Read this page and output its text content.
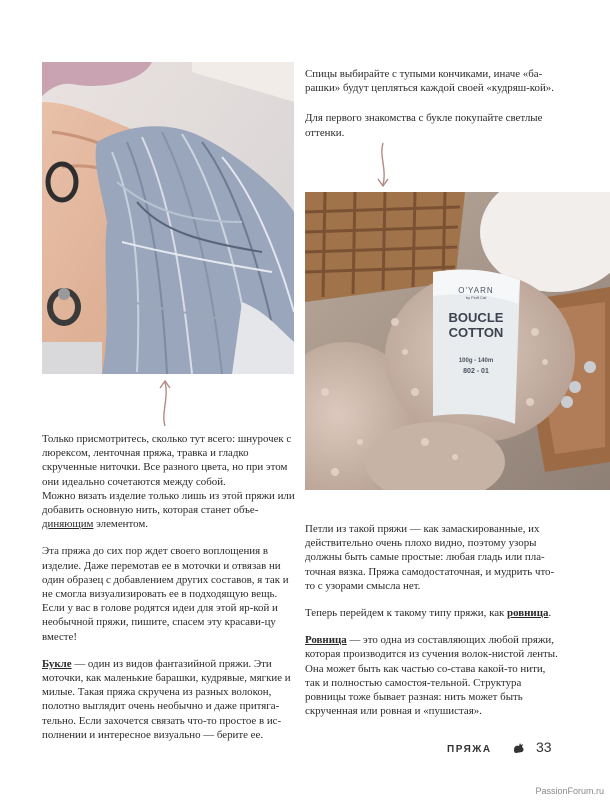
O'YARN
by Fluff Cat
BOUCLE
COTTON
100g - 140m
802 - 01

Спицы выбирайте с тупыми кончиками, иначе «ба-рашки» будут цепляться каждой своей «кудряш-кой».

Для первого знакомства с букле покупайте светлые оттенки.

Только присмотритесь, сколько тут всего: шнурочек с люрексом, ленточная пряжа, травка и гладко скрученные ниточки. Все разного цвета, но при этом они идеально сочетаются между собой.

Можно вязать изделие только лишь из этой пряжи или добавить основную нить, которая станет объе-диняющим элементом.

Эта пряжа до сих пор ждет своего воплощения в изделие. Даже перемотав ее в моточки и отвязав ни один образец с добавлением других составов, я так и не смогла визуализировать ее в подходящую вещь. Если у вас в голове родятся идеи для этой яр-кой и необычной пряжи, пишите, спасем эту красави-цу вместе!

Букле — один из видов фантазийной пряжи. Эти моточки, как маленькие барашки, кудрявые, мягкие и милые. Такая пряжа скручена из разных волокон, полотно выглядит очень необычно и даже притяга-тельно. Если захочется связать что-то простое в ис-полнении и интересное визуально — берите ее.

Петли из такой пряжи — как замаскированные, их действительно очень плохо видно, поэтому узоры должны быть самые простые: любая гладь или пла-точная вязка. Пряжа самодостаточная, и мудрить что-то с узорами смысла нет.

Теперь перейдем к такому типу пряжи, как ровница.

Ровница — это одна из составляющих любой пряжи, которая производится из сучения волок-нистой ленты. Она может быть как частью со-става какой-то нити, так и полностью самостоя-тельной. Структура ровницы тоже бывает разная: нить может быть скрученная или ровная и «пушистая».

ПРЯЖА	33
PassionForum.ru
